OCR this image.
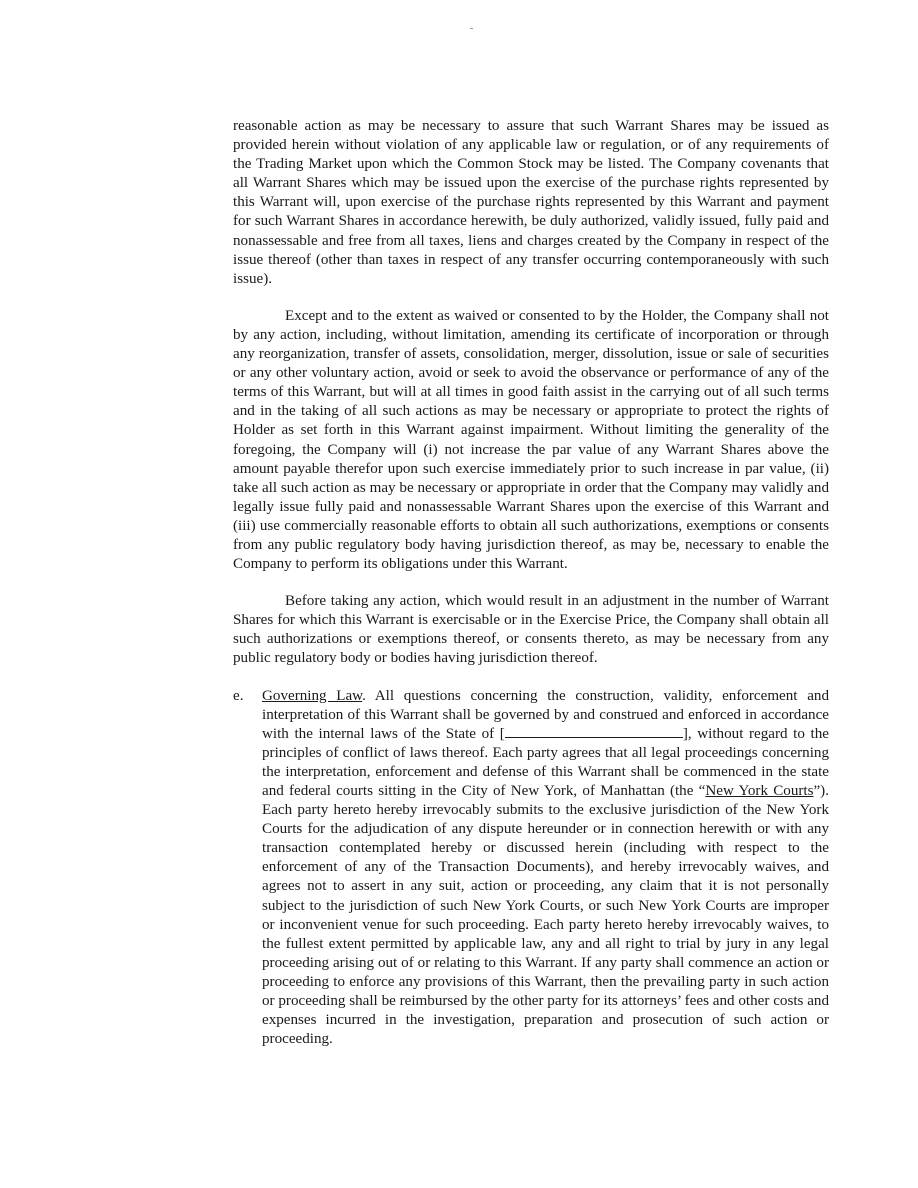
reasonable action as may be necessary to assure that such Warrant Shares may be issued as provided herein without violation of any applicable law or regulation, or of any requirements of the Trading Market upon which the Common Stock may be listed. The Company covenants that all Warrant Shares which may be issued upon the exercise of the purchase rights represented by this Warrant will, upon exercise of the purchase rights represented by this Warrant and payment for such Warrant Shares in accordance herewith, be duly authorized, validly issued, fully paid and nonassessable and free from all taxes, liens and charges created by the Company in respect of the issue thereof (other than taxes in respect of any transfer occurring contemporaneously with such issue).

Except and to the extent as waived or consented to by the Holder, the Company shall not by any action, including, without limitation, amending its certificate of incorporation or through any reorganization, transfer of assets, consolidation, merger, dissolution, issue or sale of securities or any other voluntary action, avoid or seek to avoid the observance or performance of any of the terms of this Warrant, but will at all times in good faith assist in the carrying out of all such terms and in the taking of all such actions as may be necessary or appropriate to protect the rights of Holder as set forth in this Warrant against impairment. Without limiting the generality of the foregoing, the Company will (i) not increase the par value of any Warrant Shares above the amount payable therefor upon such exercise immediately prior to such increase in par value, (ii) take all such action as may be necessary or appropriate in order that the Company may validly and legally issue fully paid and nonassessable Warrant Shares upon the exercise of this Warrant and (iii) use commercially reasonable efforts to obtain all such authorizations, exemptions or consents from any public regulatory body having jurisdiction thereof, as may be, necessary to enable the Company to perform its obligations under this Warrant.

Before taking any action, which would result in an adjustment in the number of Warrant Shares for which this Warrant is exercisable or in the Exercise Price, the Company shall obtain all such authorizations or exemptions thereof, or consents thereto, as may be necessary from any public regulatory body or bodies having jurisdiction thereof.

e. Governing Law. All questions concerning the construction, validity, enforcement and interpretation of this Warrant shall be governed by and construed and enforced in accordance with the internal laws of the State of [	], without regard to the principles of conflict of laws thereof. Each party agrees that all legal proceedings concerning the interpretation, enforcement and defense of this Warrant shall be commenced in the state and federal courts sitting in the City of New York, of Manhattan (the “New York Courts”). Each party hereto hereby irrevocably submits to the exclusive jurisdiction of the New York Courts for the adjudication of any dispute hereunder or in connection herewith or with any transaction contemplated hereby or discussed herein (including with respect to the enforcement of any of the Transaction Documents), and hereby irrevocably waives, and agrees not to assert in any suit, action or proceeding, any claim that it is not personally subject to the jurisdiction of such New York Courts, or such New York Courts are improper or inconvenient venue for such proceeding. Each party hereto hereby irrevocably waives, to the fullest extent permitted by applicable law, any and all right to trial by jury in any legal proceeding arising out of or relating to this Warrant. If any party shall commence an action or proceeding to enforce any provisions of this Warrant, then the prevailing party in such action or proceeding shall be reimbursed by the other party for its attorneys’ fees and other costs and expenses incurred in the investigation, preparation and prosecution of such action or proceeding.
